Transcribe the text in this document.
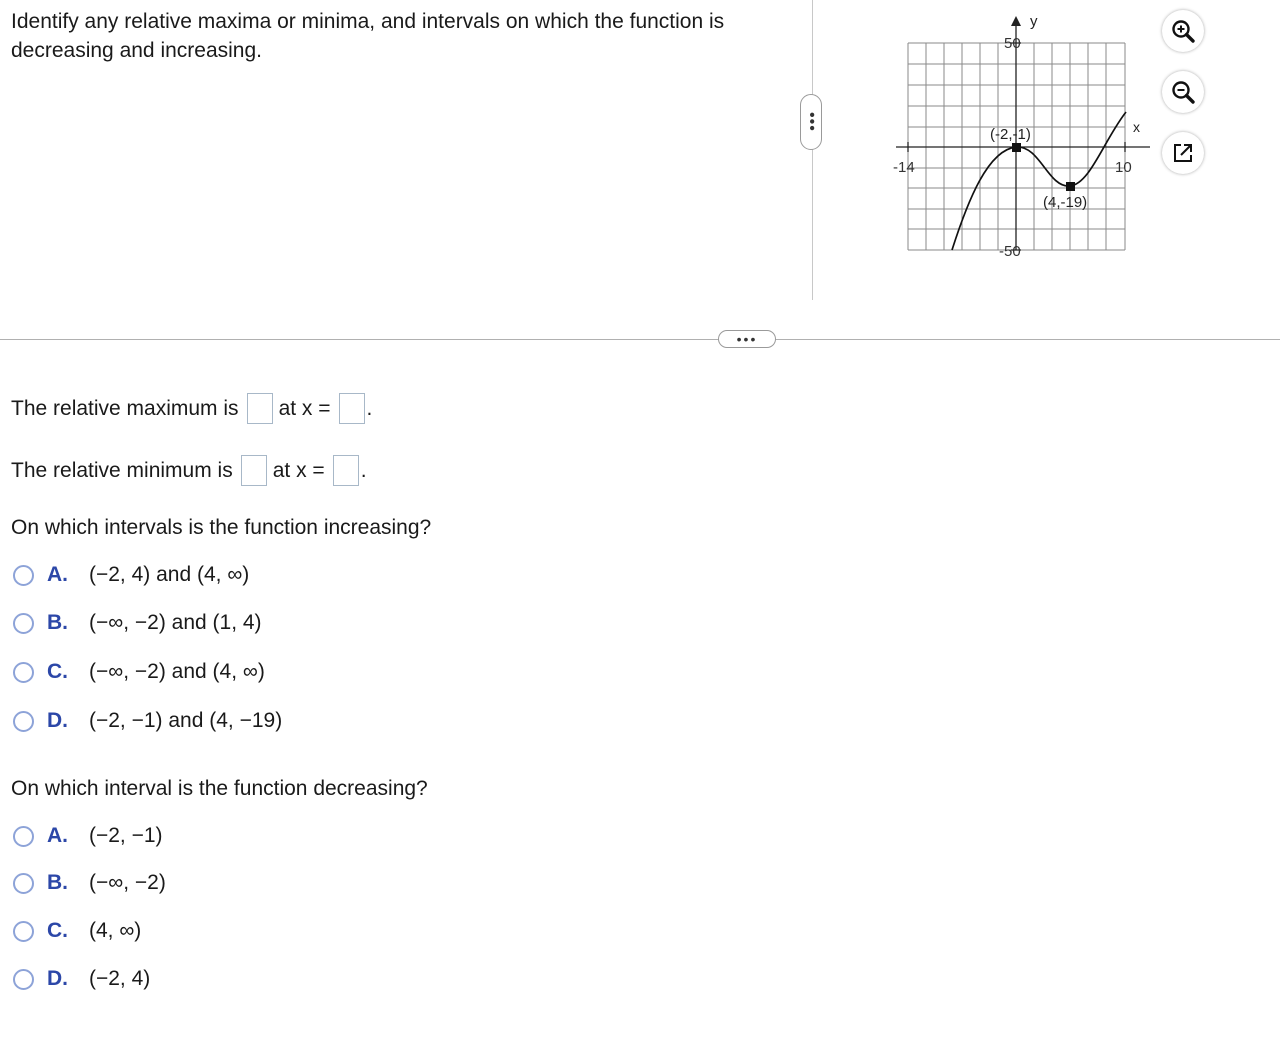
Identify any relative maxima or minima, and intervals on which the function is decreasing and increasing.

•••
y
x
50
-50
-14	10
(-2,-1)
(4,-19)
•••
The relative maximum is at x = .
The relative minimum is at x = .

On which intervals is the function increasing?

A.	(−2, 4) and (4, ∞)
B.	(−∞, −2) and (1, 4)
C.	(−∞, −2) and (4, ∞)
D.	(−2, −1) and (4, −19)

On which interval is the function decreasing?

A.	(−2, −1)
B.	(−∞, −2)
C.	(4, ∞)
D.	(−2, 4)
